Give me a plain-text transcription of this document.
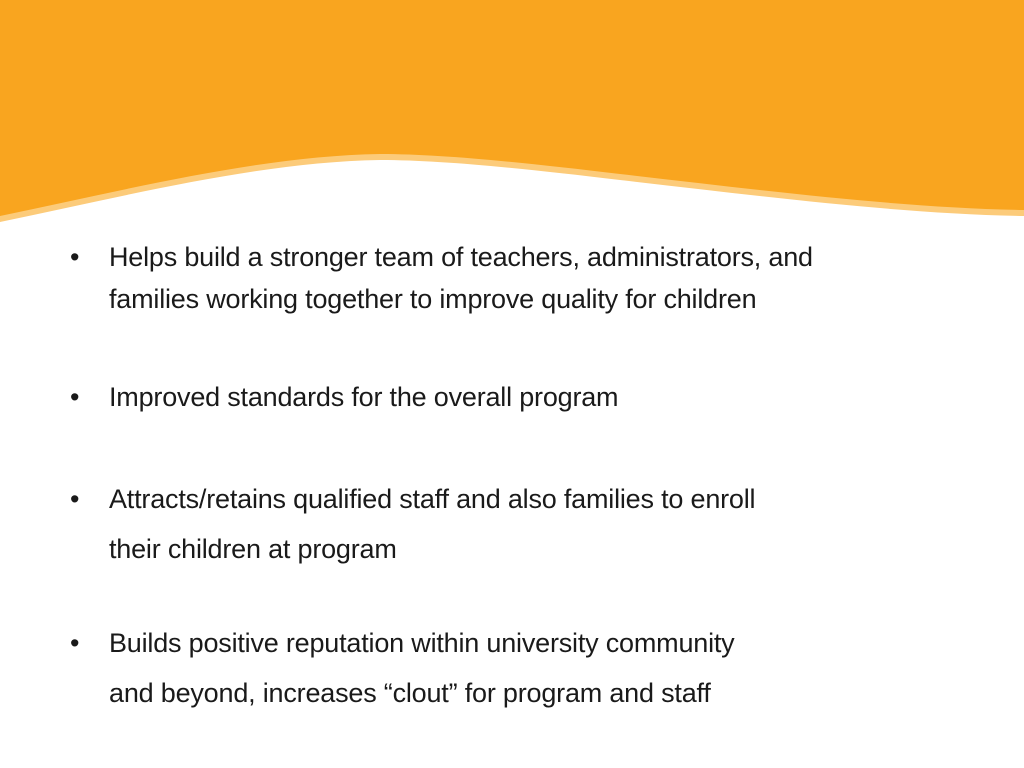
•	Helps build a stronger team of teachers, administrators, and
families working together to improve quality for children
•	Improved standards for the overall program
•	Attracts/retains qualified staff and also families to enroll
their children at program
•	Builds positive reputation within university community
and beyond, increases “clout” for program and staff
